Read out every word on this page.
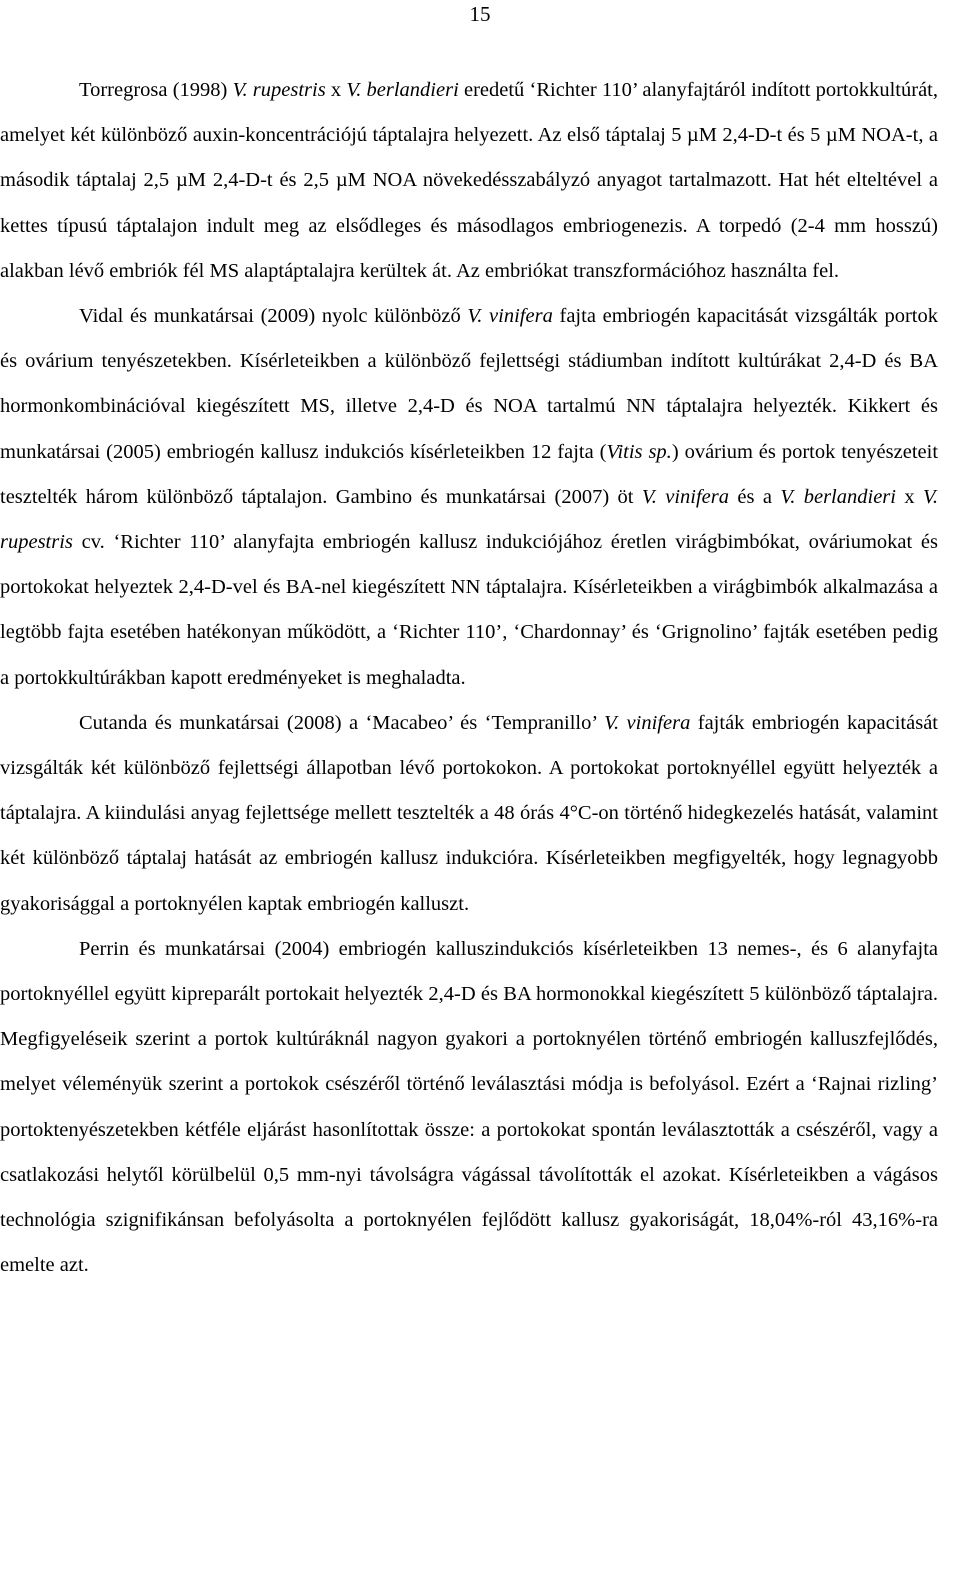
15

Torregrosa (1998) V. rupestris x V. berlandieri eredetű ‘Richter 110’ alanyfajtáról indított portokkultúrát, amelyet két különböző auxin-koncentrációjú táptalajra helyezett. Az első táptalaj 5 µM 2,4-D-t és 5 µM NOA-t, a második táptalaj 2,5 µM 2,4-D-t és 2,5 µM NOA növekedésszabályzó anyagot tartalmazott. Hat hét elteltével a kettes típusú táptalajon indult meg az elsődleges és másodlagos embriogenezis. A torpedó (2-4 mm hosszú) alakban lévő embriók fél MS alaptáptalajra kerültek át. Az embriókat transzformációhoz használta fel.

Vidal és munkatársai (2009) nyolc különböző V. vinifera fajta embriogén kapacitását vizsgálták portok és ovárium tenyészetekben. Kísérleteikben a különböző fejlettségi stádiumban indított kultúrákat 2,4-D és BA hormonkombinációval kiegészített MS, illetve 2,4-D és NOA tartalmú NN táptalajra helyezték. Kikkert és munkatársai (2005) embriogén kallusz indukciós kísérleteikben 12 fajta (Vitis sp.) ovárium és portok tenyészeteit tesztelték három különböző táptalajon. Gambino és munkatársai (2007) öt V. vinifera és a V. berlandieri x V. rupestris cv. ‘Richter 110’ alanyfajta embriogén kallusz indukciójához éretlen virágbimbókat, ováriumokat és portokokat helyeztek 2,4-D-vel és BA-nel kiegészített NN táptalajra. Kísérleteikben a virágbimbók alkalmazása a legtöbb fajta esetében hatékonyan működött, a ‘Richter 110’, ‘Chardonnay’ és ‘Grignolino’ fajták esetében pedig a portokkultúrákban kapott eredményeket is meghaladta.

Cutanda és munkatársai (2008) a ‘Macabeo’ és ‘Tempranillo’ V. vinifera fajták embriogén kapacitását vizsgálták két különböző fejlettségi állapotban lévő portokokon. A portokokat portoknyéllel együtt helyezték a táptalajra. A kiindulási anyag fejlettsége mellett tesztelték a 48 órás 4°C-on történő hidegkezelés hatását, valamint két különböző táptalaj hatását az embriogén kallusz indukcióra. Kísérleteikben megfigyelték, hogy legnagyobb gyakorisággal a portoknyélen kaptak embriogén kalluszt.

Perrin és munkatársai (2004) embriogén kalluszindukciós kísérleteikben 13 nemes-, és 6 alanyfajta portoknyéllel együtt kipreparált portokait helyezték 2,4-D és BA hormonokkal kiegészített 5 különböző táptalajra. Megfigyeléseik szerint a portok kultúráknál nagyon gyakori a portoknyélen történő embriogén kalluszfejlődés, melyet véleményük szerint a portokok csészéről történő leválasztási módja is befolyásol. Ezért a ‘Rajnai rizling’ portoktenyészetekben kétféle eljárást hasonlítottak össze: a portokokat spontán leválasztották a csészéről, vagy a csatlakozási helytől körülbelül 0,5 mm-nyi távolságra vágással távolították el azokat. Kísérleteikben a vágásos technológia szignifikánsan befolyásolta a portoknyélen fejlődött kallusz gyakoriságát, 18,04%-ról 43,16%-ra emelte azt.
